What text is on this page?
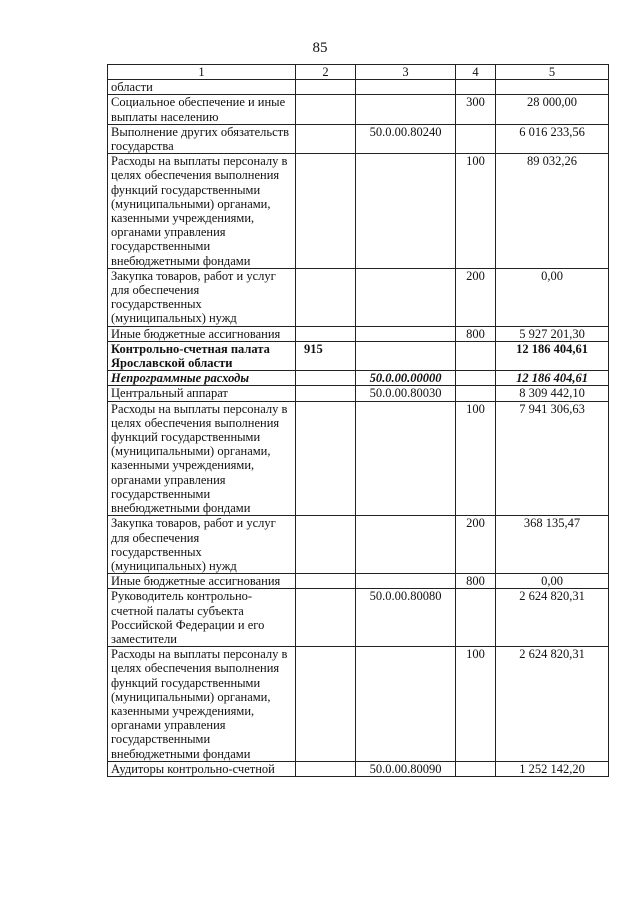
85
1	2	3	4	5
области				
Социальное обеспечение и иные выплаты населению			300	28 000,00
Выполнение других обязательств государства		50.0.00.80240		6 016 233,56
Расходы на выплаты персоналу в целях обеспечения выполнения функций государственными (муниципальными) органами, казенными учреждениями, органами управления государственными внебюджетными фондами			100	89 032,26
Закупка товаров, работ и услуг для обеспечения государственных (муниципальных) нужд			200	0,00
Иные бюджетные ассигнования			800	5 927 201,30
Контрольно-счетная палата Ярославской области	915			12 186 404,61
Непрограммные расходы		50.0.00.00000		12 186 404,61
Центральный аппарат		50.0.00.80030		8 309 442,10
Расходы на выплаты персоналу в целях обеспечения выполнения функций государственными (муниципальными) органами, казенными учреждениями, органами управления государственными внебюджетными фондами			100	7 941 306,63
Закупка товаров, работ и услуг для обеспечения государственных (муниципальных) нужд			200	368 135,47
Иные бюджетные ассигнования			800	0,00
Руководитель контрольно-счетной палаты субъекта Российской Федерации и его заместители		50.0.00.80080		2 624 820,31
Расходы на выплаты персоналу в целях обеспечения выполнения функций государственными (муниципальными) органами, казенными учреждениями, органами управления государственными внебюджетными фондами			100	2 624 820,31
Аудиторы контрольно-счетной		50.0.00.80090		1 252 142,20
